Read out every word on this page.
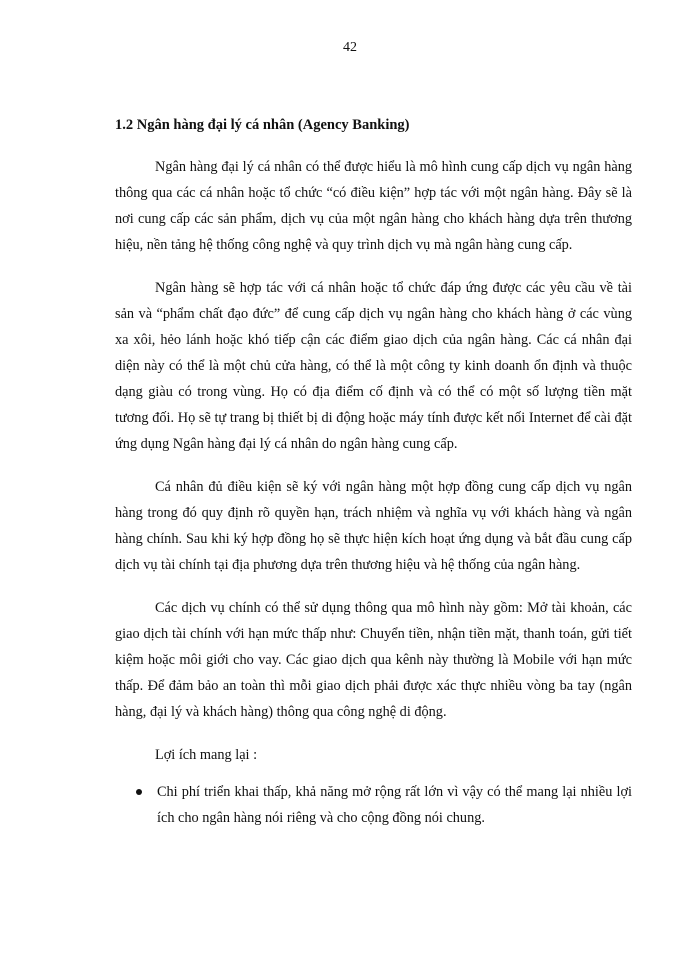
42
1.2 Ngân hàng đại lý cá nhân (Agency Banking)

Ngân hàng đại lý cá nhân có thể được hiểu là mô hình cung cấp dịch vụ ngân hàng thông qua các cá nhân hoặc tổ chức “có điều kiện” hợp tác với một ngân hàng. Đây sẽ là nơi cung cấp các sản phẩm, dịch vụ của một ngân hàng cho khách hàng dựa trên thương hiệu, nền tảng hệ thống công nghệ và quy trình dịch vụ mà ngân hàng cung cấp.

Ngân hàng sẽ hợp tác với cá nhân hoặc tổ chức đáp ứng được các yêu cầu về tài sản và “phẩm chất đạo đức” để cung cấp dịch vụ ngân hàng cho khách hàng ở các vùng xa xôi, hẻo lánh hoặc khó tiếp cận các điểm giao dịch của ngân hàng. Các cá nhân đại diện này có thể là một chủ cửa hàng, có thể là một công ty kinh doanh ổn định và thuộc dạng giàu có trong vùng. Họ có địa điểm cố định và có thể có một số lượng tiền mặt tương đối. Họ sẽ tự trang bị thiết bị di động hoặc máy tính được kết nối Internet để cài đặt ứng dụng Ngân hàng đại lý cá nhân do ngân hàng cung cấp.

Cá nhân đủ điều kiện sẽ ký với ngân hàng một hợp đồng cung cấp dịch vụ ngân hàng trong đó quy định rõ quyền hạn, trách nhiệm và nghĩa vụ với khách hàng và ngân hàng chính. Sau khi ký hợp đồng họ sẽ thực hiện kích hoạt ứng dụng và bắt đầu cung cấp dịch vụ tài chính tại địa phương dựa trên thương hiệu và hệ thống của ngân hàng.

Các dịch vụ chính có thể sử dụng thông qua mô hình này gồm: Mở tài khoản, các giao dịch tài chính với hạn mức thấp như: Chuyển tiền, nhận tiền mặt, thanh toán, gửi tiết kiệm hoặc môi giới cho vay. Các giao dịch qua kênh này thường là Mobile với hạn mức thấp. Để đảm bảo an toàn thì mỗi giao dịch phải được xác thực nhiều vòng ba tay (ngân hàng, đại lý và khách hàng) thông qua công nghệ di động.

Lợi ích mang lại :

Chi phí triển khai thấp, khả năng mở rộng rất lớn vì vậy có thể mang lại nhiều lợi ích cho ngân hàng nói riêng và cho cộng đồng nói chung.
